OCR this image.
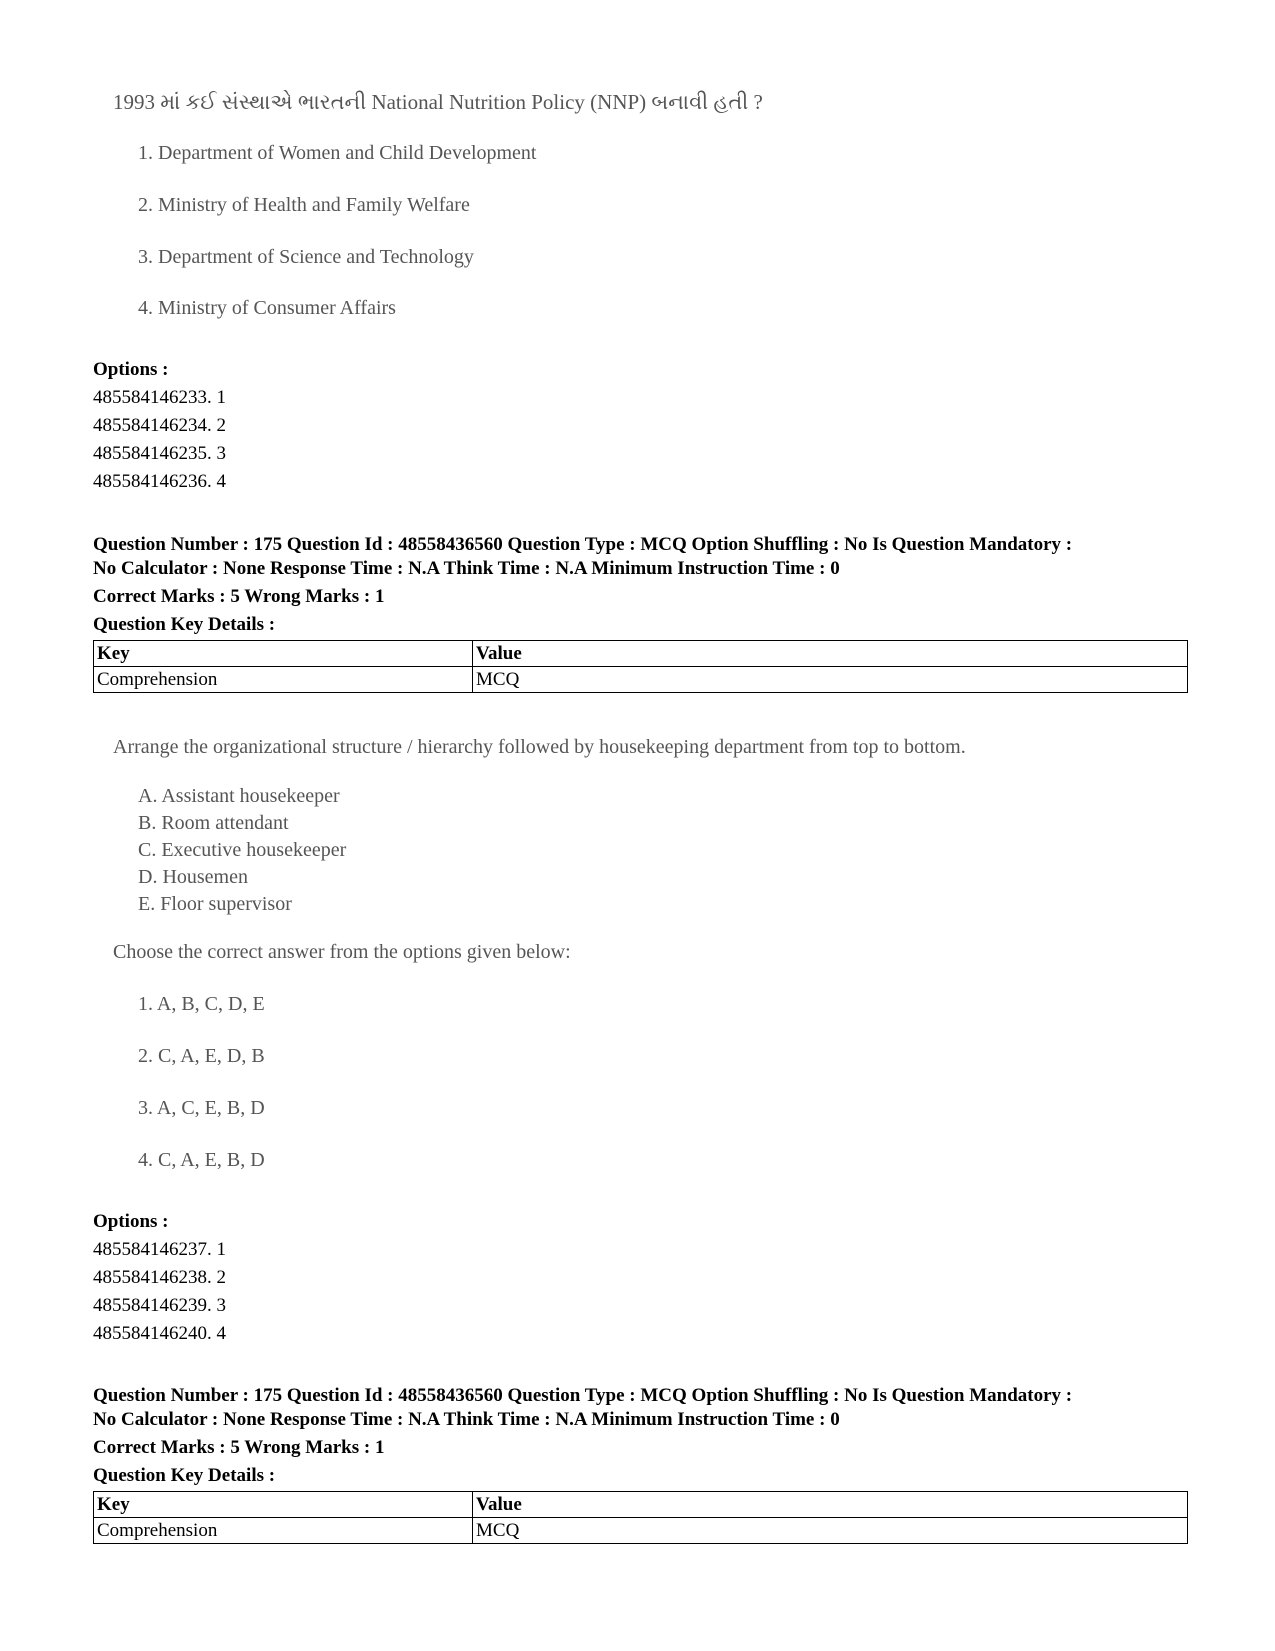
1993 માં કઈ સંસ્થાએ ભારતની National Nutrition Policy (NNP) બનાવી હતી ?

1. Department of Women and Child Development

2. Ministry of Health and Family Welfare

3. Department of Science and Technology

4. Ministry of Consumer Affairs

Options :
485584146233. 1
485584146234. 2
485584146235. 3
485584146236. 4

Question Number : 175 Question Id : 48558436560 Question Type : MCQ Option Shuffling : No Is Question Mandatory :

No Calculator : None Response Time : N.A Think Time : N.A Minimum Instruction Time : 0

Correct Marks : 5 Wrong Marks : 1

Question Key Details :

Key	Value
Comprehension	MCQ

Arrange the organizational structure / hierarchy followed by housekeeping department from top to bottom.

A. Assistant housekeeper

B. Room attendant

C. Executive housekeeper

D. Housemen

E. Floor supervisor

Choose the correct answer from the options given below:

1. A, B, C, D, E

2. C, A, E, D, B

3. A, C, E, B, D

4. C, A, E, B, D

Options :
485584146237. 1
485584146238. 2
485584146239. 3
485584146240. 4

Question Number : 175 Question Id : 48558436560 Question Type : MCQ Option Shuffling : No Is Question Mandatory :

No Calculator : None Response Time : N.A Think Time : N.A Minimum Instruction Time : 0

Correct Marks : 5 Wrong Marks : 1

Question Key Details :

Key	Value
Comprehension	MCQ
